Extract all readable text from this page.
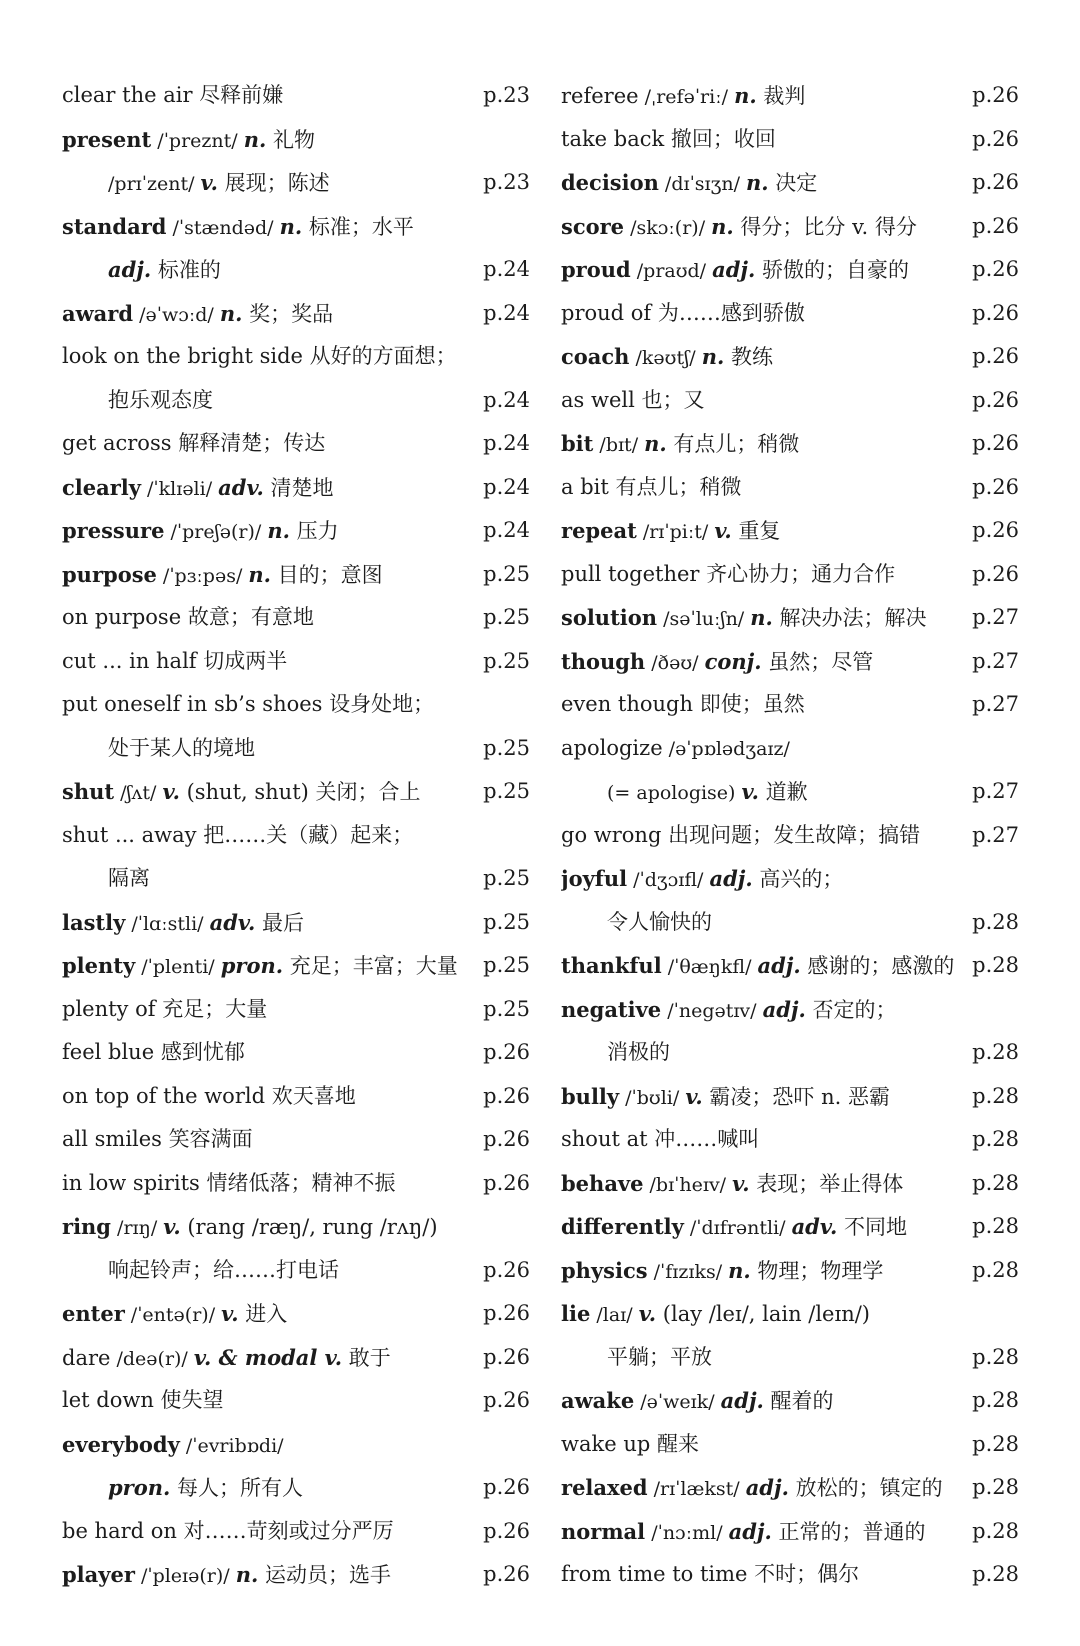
clear the air 尽释前嫌	p.23
present /ˈpreznt/ n. 礼物
/prɪˈzent/ v. 展现；陈述	p.23
standard /ˈstændəd/ n. 标准；水平
adj. 标准的	p.24
award /əˈwɔːd/ n. 奖；奖品	p.24
look on the bright side 从好的方面想；
抱乐观态度	p.24
get across 解释清楚；传达	p.24
clearly /ˈklɪəli/ adv. 清楚地	p.24
pressure /ˈpreʃə(r)/ n. 压力	p.24
purpose /ˈpɜːpəs/ n. 目的；意图	p.25
on purpose 故意；有意地	p.25
cut ... in half 切成两半	p.25
put oneself in sb’s shoes 设身处地；
处于某人的境地	p.25
shut /ʃʌt/ v. (shut, shut) 关闭；合上	p.25
shut ... away 把……关（藏）起来；
隔离	p.25
lastly /ˈlɑːstli/ adv. 最后	p.25
plenty /ˈplenti/ pron. 充足；丰富；大量	p.25
plenty of 充足；大量	p.25
feel blue 感到忧郁	p.26
on top of the world 欢天喜地	p.26
all smiles 笑容满面	p.26
in low spirits 情绪低落；精神不振	p.26
ring /rɪŋ/ v. (rang /ræŋ/, rung /rʌŋ/)
响起铃声；给……打电话	p.26
enter /ˈentə(r)/ v. 进入	p.26
dare /deə(r)/ v. & modal v. 敢于	p.26
let down 使失望	p.26
everybody /ˈevribɒdi/
pron. 每人；所有人	p.26
be hard on 对……苛刻或过分严厉	p.26
player /ˈpleɪə(r)/ n. 运动员；选手	p.26
referee /ˌrefəˈriː/ n. 裁判	p.26
take back 撤回；收回	p.26
decision /dɪˈsɪʒn/ n. 决定	p.26
score /skɔː(r)/ n. 得分；比分 v. 得分	p.26
proud /praʊd/ adj. 骄傲的；自豪的	p.26
proud of 为……感到骄傲	p.26
coach /kəʊtʃ/ n. 教练	p.26
as well 也；又	p.26
bit /bɪt/ n. 有点儿；稍微	p.26
a bit 有点儿；稍微	p.26
repeat /rɪˈpiːt/ v. 重复	p.26
pull together 齐心协力；通力合作	p.26
solution /səˈluːʃn/ n. 解决办法；解决	p.27
though /ðəʊ/ conj. 虽然；尽管	p.27
even though 即使；虽然	p.27
apologize /əˈpɒlədʒaɪz/
(= apologise) v. 道歉	p.27
go wrong 出现问题；发生故障；搞错	p.27
joyful /ˈdʒɔɪfl/ adj. 高兴的；
令人愉快的	p.28
thankful /ˈθæŋkfl/ adj. 感谢的；感激的 p.28
negative /ˈnegətɪv/ adj. 否定的；
消极的	p.28
bully /ˈbʊli/ v. 霸凌；恐吓 n. 恶霸	p.28
shout at 冲……喊叫	p.28
behave /bɪˈheɪv/ v. 表现；举止得体	p.28
differently /ˈdɪfrəntli/ adv. 不同地	p.28
physics /ˈfɪzɪks/ n. 物理；物理学	p.28
lie /laɪ/ v. (lay /leɪ/, lain /leɪn/)
平躺；平放	p.28
awake /əˈweɪk/ adj. 醒着的	p.28
wake up 醒来	p.28
relaxed /rɪˈlækst/ adj. 放松的；镇定的	p.28
normal /ˈnɔːml/ adj. 正常的；普通的	p.28
from time to time 不时；偶尔	p.28
